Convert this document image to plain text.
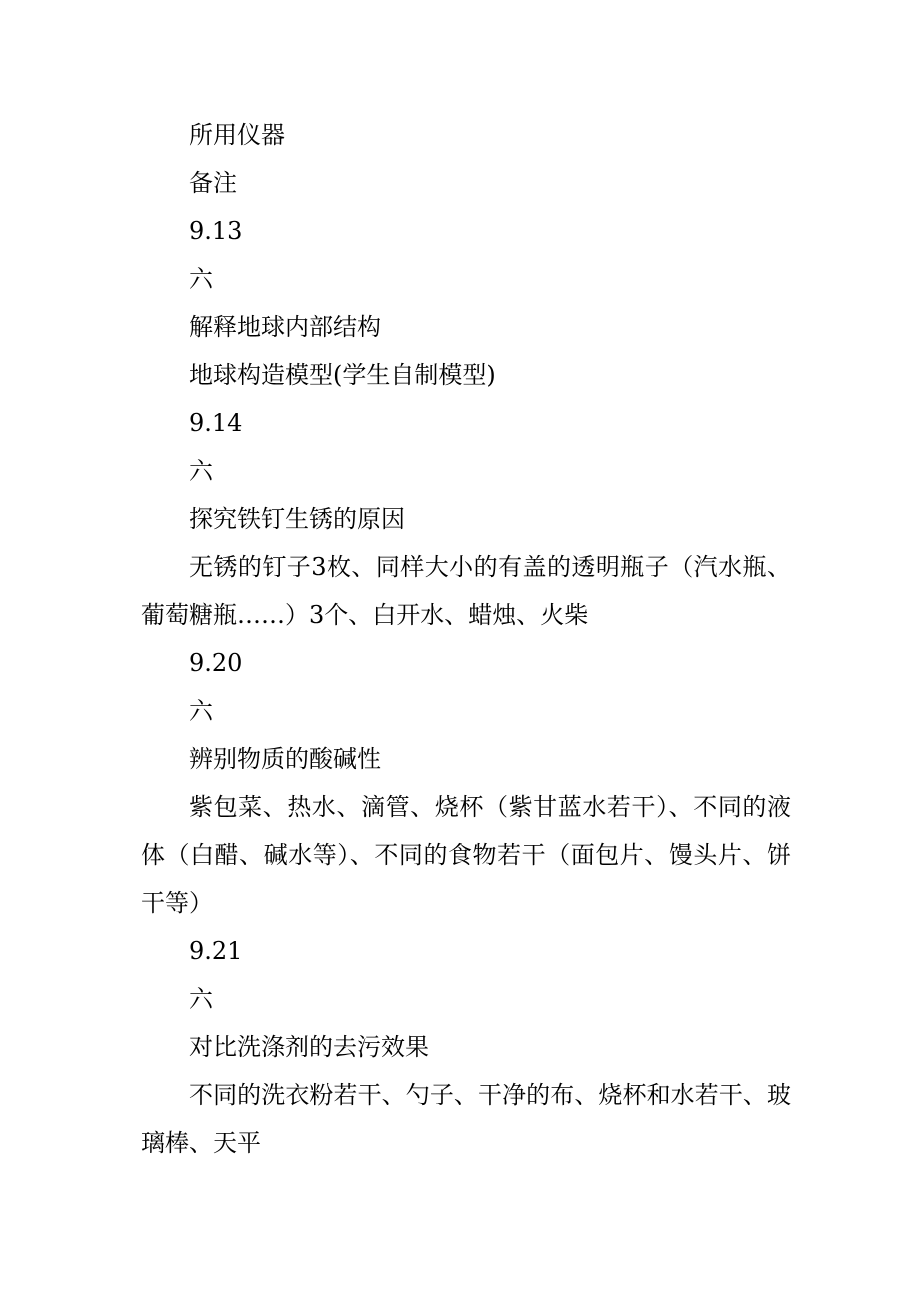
所用仪器

备注

9.13

六

解释地球内部结构

地球构造模型(学生自制模型)

9.14

六

探究铁钉生锈的原因

无锈的钉子3枚、同样大小的有盖的透明瓶子（汽水瓶、葡萄糖瓶……）3个、白开水、蜡烛、火柴

9.20

六

辨别物质的酸碱性

紫包菜、热水、滴管、烧杯（紫甘蓝水若干）、不同的液体（白醋、碱水等）、不同的食物若干（面包片、馒头片、饼干等）

9.21

六

对比洗涤剂的去污效果

不同的洗衣粉若干、勺子、干净的布、烧杯和水若干、玻璃棒、天平
